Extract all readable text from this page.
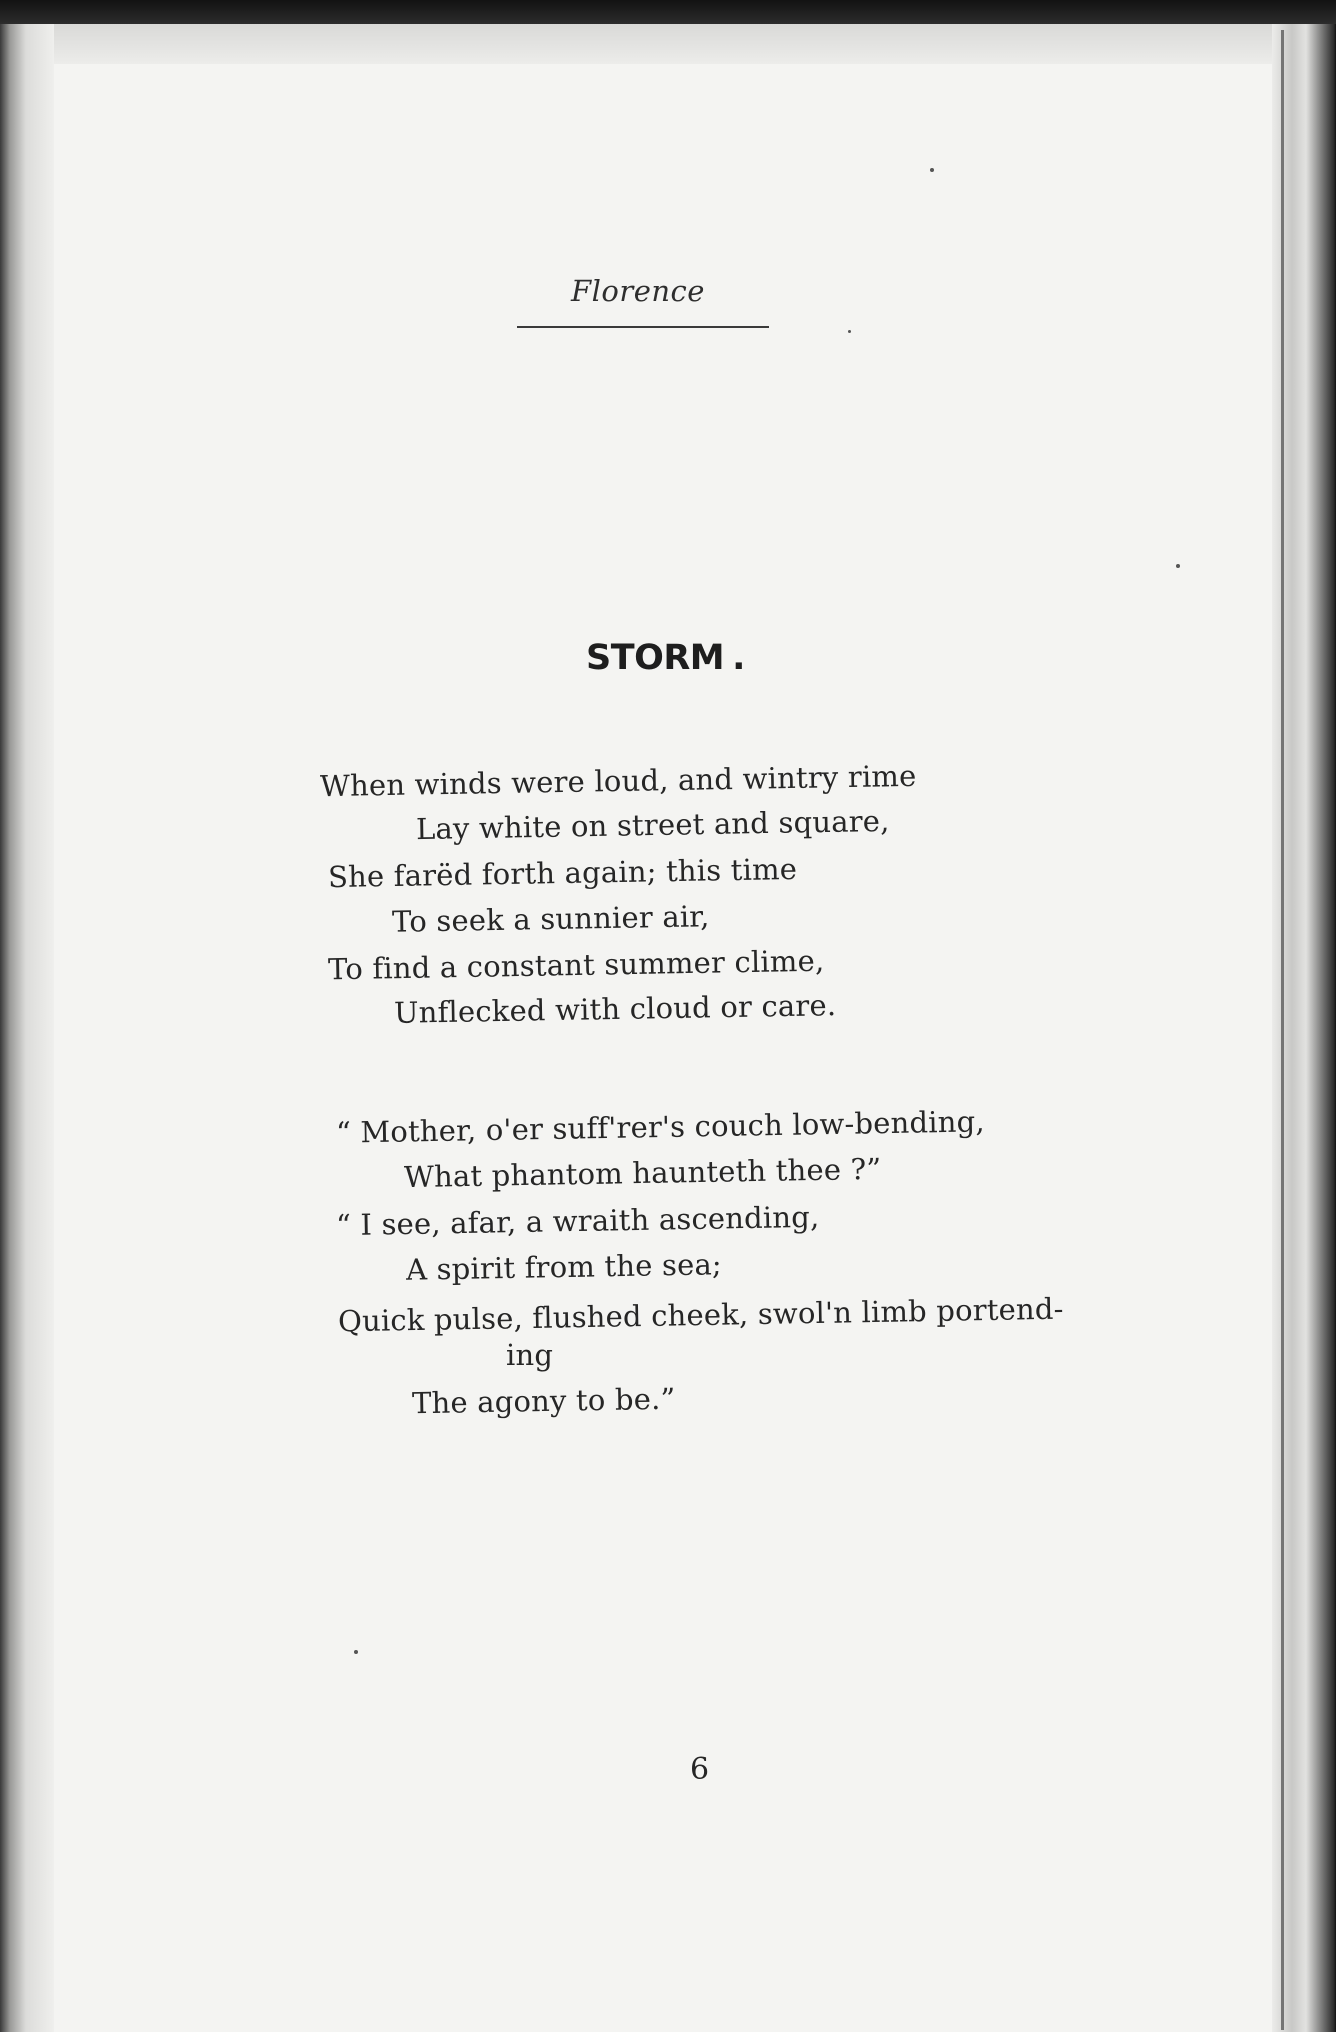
Florence
STORM .
When winds were loud, and wintry rime
Lay white on street and square,
She farëd forth again; this time
To seek a sunnier air,
To find a constant summer clime,
Unflecked with cloud or care.
“ Mother, o'er suff'rer's couch low-bending,
What phantom haunteth thee ?”
“ I see, afar, a wraith ascending,
A spirit from the sea;
Quick pulse, flushed cheek, swol'n limb portend-
ing
The agony to be.”
6
